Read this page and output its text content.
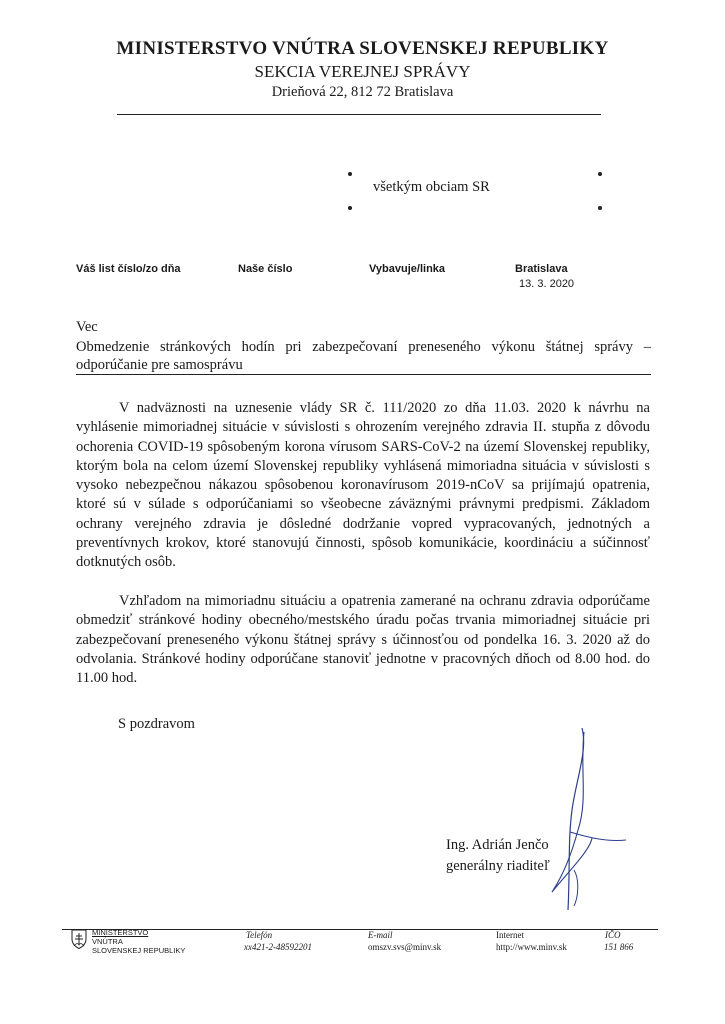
MINISTERSTVO VNÚTRA SLOVENSKEJ REPUBLIKY
SEKCIA VEREJNEJ SPRÁVY
Drieňová 22, 812 72 Bratislava
všetkým obciam SR
Váš list číslo/zo dňa	Naše číslo	Vybavuje/linka	Bratislava
13. 3. 2020
Vec
Obmedzenie stránkových hodín pri zabezpečovaní preneseného výkonu štátnej správy – odporúčanie pre samosprávu
V nadväznosti na uznesenie vlády SR č. 111/2020 zo dňa 11.03. 2020 k návrhu na vyhlásenie mimoriadnej situácie v súvislosti s ohrozením verejného zdravia II. stupňa z dôvodu ochorenia COVID-19 spôsobeným korona vírusom SARS-CoV-2 na území Slovenskej republiky, ktorým bola na celom území Slovenskej republiky vyhlásená mimoriadna situácia v súvislosti s vysoko nebezpečnou nákazou spôsobenou koronavírusom 2019-nCoV sa prijímajú opatrenia, ktoré sú v súlade s odporúčaniami so všeobecne záväznými právnymi predpismi. Základom ochrany verejného zdravia je dôsledné dodržanie vopred vypracovaných, jednotných a preventívnych krokov, ktoré stanovujú činnosti, spôsob komunikácie, koordináciu a súčinnosť dotknutých osôb.
Vzhľadom na mimoriadnu situáciu a opatrenia zamerané na ochranu zdravia odporúčame obmedziť stránkové hodiny obecného/mestského úradu počas trvania mimoriadnej situácie pri zabezpečovaní preneseného výkonu štátnej správy s účinnosťou od pondelka 16. 3. 2020 až do odvolania. Stránkové hodiny odporúčane stanoviť jednotne v pracovných dňoch od 8.00 hod. do 11.00 hod.
S pozdravom
Ing. Adrián Jenčo
generálny riaditeľ
MINISTERSTVO
VNÚTRA
SLOVENSKEJ REPUBLIKY
Telefón
xx421-2-48592201
E-mail
omszv.svs@minv.sk
Internet
http://www.minv.sk
IČO
151 866
